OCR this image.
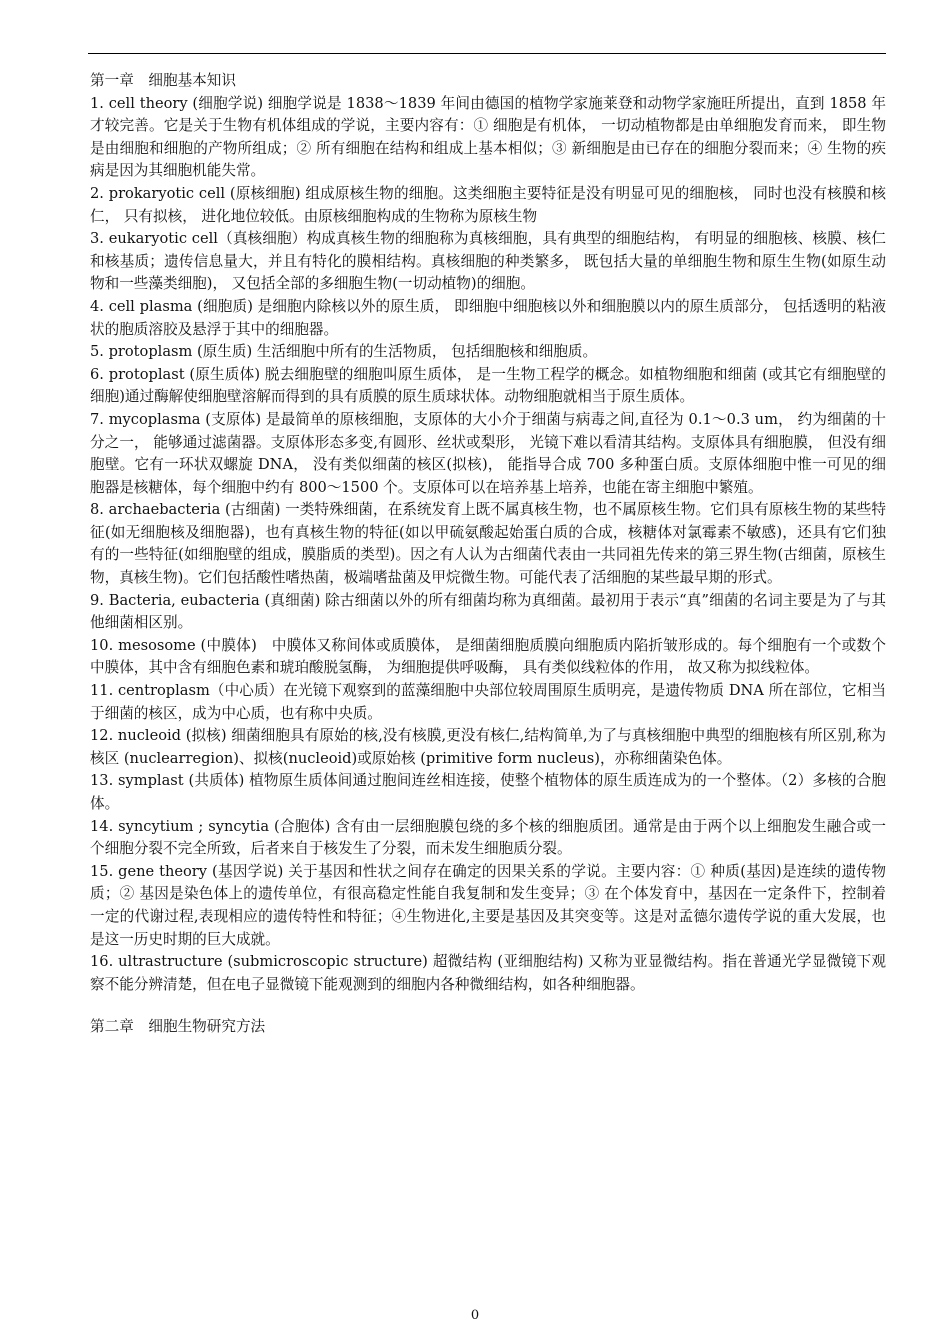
第一章　细胞基本知识

1. cell theory (细胞学说) 细胞学说是 1838～1839 年间由德国的植物学家施莱登和动物学家施旺所提出，直到 1858 年才较完善。它是关于生物有机体组成的学说，主要内容有：① 细胞是有机体， 一切动植物都是由单细胞发育而来， 即生物是由细胞和细胞的产物所组成；② 所有细胞在结构和组成上基本相似；③ 新细胞是由已存在的细胞分裂而来；④ 生物的疾病是因为其细胞机能失常。

2. prokaryotic cell (原核细胞) 组成原核生物的细胞。这类细胞主要特征是没有明显可见的细胞核， 同时也没有核膜和核仁， 只有拟核， 进化地位较低。由原核细胞构成的生物称为原核生物

3. eukaryotic cell（真核细胞）构成真核生物的细胞称为真核细胞，具有典型的细胞结构， 有明显的细胞核、核膜、核仁和核基质；遗传信息量大，并且有特化的膜相结构。真核细胞的种类繁多， 既包括大量的单细胞生物和原生生物(如原生动物和一些藻类细胞)， 又包括全部的多细胞生物(一切动植物)的细胞。

4. cell plasma (细胞质) 是细胞内除核以外的原生质， 即细胞中细胞核以外和细胞膜以内的原生质部分， 包括透明的粘液状的胞质溶胶及悬浮于其中的细胞器。

5. protoplasm (原生质) 生活细胞中所有的生活物质， 包括细胞核和细胞质。

6. protoplast (原生质体) 脱去细胞壁的细胞叫原生质体， 是一生物工程学的概念。如植物细胞和细菌 (或其它有细胞壁的细胞)通过酶解使细胞壁溶解而得到的具有质膜的原生质球状体。动物细胞就相当于原生质体。

7. mycoplasma (支原体) 是最简单的原核细胞，支原体的大小介于细菌与病毒之间,直径为 0.1～0.3 um， 约为细菌的十分之一， 能够通过滤菌器。支原体形态多变,有圆形、丝状或梨形， 光镜下难以看清其结构。支原体具有细胞膜， 但没有细胞壁。它有一环状双螺旋 DNA， 没有类似细菌的核区(拟核)， 能指导合成 700 多种蛋白质。支原体细胞中惟一可见的细胞器是核糖体，每个细胞中约有 800～1500 个。支原体可以在培养基上培养，也能在寄主细胞中繁殖。

8. archaebacteria (古细菌) 一类特殊细菌，在系统发育上既不属真核生物，也不属原核生物。它们具有原核生物的某些特征(如无细胞核及细胞器)，也有真核生物的特征(如以甲硫氨酸起始蛋白质的合成，核糖体对氯霉素不敏感)，还具有它们独有的一些特征(如细胞壁的组成，膜脂质的类型)。因之有人认为古细菌代表由一共同祖先传来的第三界生物(古细菌，原核生物，真核生物)。它们包括酸性嗜热菌，极端嗜盐菌及甲烷微生物。可能代表了活细胞的某些最早期的形式。

9. Bacteria, eubacteria (真细菌) 除古细菌以外的所有细菌均称为真细菌。最初用于表示“真”细菌的名词主要是为了与其他细菌相区别。

10. mesosome (中膜体)　中膜体又称间体或质膜体， 是细菌细胞质膜向细胞质内陷折皱形成的。每个细胞有一个或数个中膜体，其中含有细胞色素和琥珀酸脱氢酶， 为细胞提供呼吸酶， 具有类似线粒体的作用， 故又称为拟线粒体。

11. centroplasm（中心质）在光镜下观察到的蓝藻细胞中央部位较周围原生质明亮，是遗传物质 DNA 所在部位，它相当于细菌的核区，成为中心质，也有称中央质。

12. nucleoid (拟核) 细菌细胞具有原始的核,没有核膜,更没有核仁,结构简单,为了与真核细胞中典型的细胞核有所区别,称为核区 (nuclearregion)、拟核(nucleoid)或原始核 (primitive form nucleus)，亦称细菌染色体。

13. symplast (共质体) 植物原生质体间通过胞间连丝相连接，使整个植物体的原生质连成为的一个整体。（2）多核的合胞体。

14. syncytium ; syncytia (合胞体) 含有由一层细胞膜包绕的多个核的细胞质团。通常是由于两个以上细胞发生融合或一个细胞分裂不完全所致，后者来自于核发生了分裂，而未发生细胞质分裂。

15. gene theory (基因学说) 关于基因和性状之间存在确定的因果关系的学说。主要内容：① 种质(基因)是连续的遗传物质；② 基因是染色体上的遗传单位，有很高稳定性能自我复制和发生变异；③ 在个体发育中，基因在一定条件下，控制着一定的代谢过程,表现相应的遗传特性和特征；④生物进化,主要是基因及其突变等。这是对孟德尔遗传学说的重大发展，也是这一历史时期的巨大成就。

16. ultrastructure (submicroscopic structure) 超微结构 (亚细胞结构) 又称为亚显微结构。指在普通光学显微镜下观察不能分辨清楚，但在电子显微镜下能观测到的细胞内各种微细结构，如各种细胞器。

第二章　细胞生物研究方法
0
